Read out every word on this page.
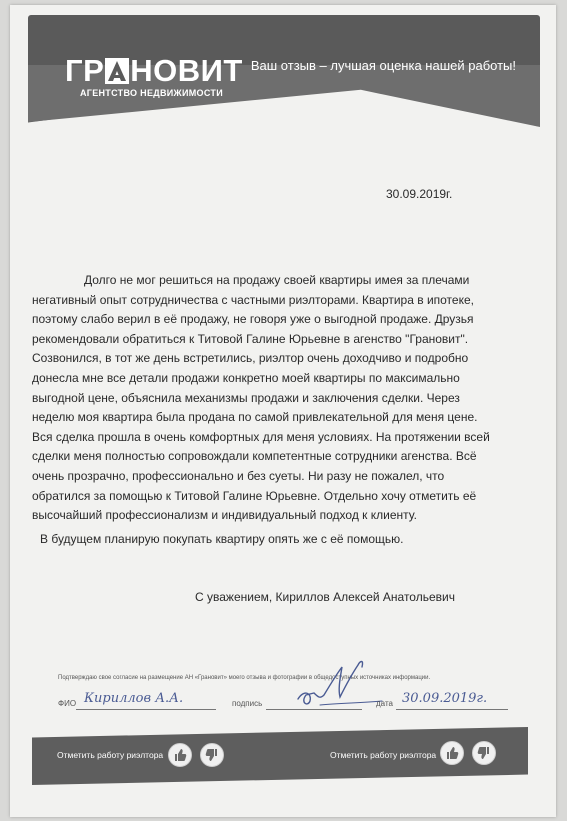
ГР НОВИТ
АГЕНТСТВО НЕДВИЖИМОСТИ
Ваш отзыв – лучшая оценка нашей работы!
30.09.2019г.
Долго не мог решиться на продажу своей квартиры имея за плечами
негативный опыт сотрудничества с частными риэлторами. Квартира в ипотеке,
поэтому слабо верил в её продажу, не говоря уже о выгодной продаже. Друзья
рекомендовали обратиться к Титовой Галине Юрьевне в агенство "Грановит".
Созвонился, в тот же день встретились, риэлтор очень доходчиво и подробно
донесла мне все детали продажи конкретно моей квартиры по максимально
выгодной цене, объяснила механизмы продажи и заключения сделки. Через
неделю моя квартира была продана по самой привлекательной для меня цене.
Вся сделка прошла в очень комфортных для меня условиях. На протяжении всей
сделки меня полностью сопровождали компетентные сотрудники агенства. Всё
очень прозрачно, профессионально и без суеты. Ни разу не пожалел, что
обратился за помощью к Титовой Галине Юрьевне. Отдельно хочу отметить её
высочайший профессионализм и индивидуальный подход к клиенту.
В будущем планирую покупать квартиру опять же с её помощью.
С уважением, Кириллов Алексей Анатольевич
Подтверждаю свое согласие на размещение АН «Грановит» моего отзыва и фотографии в общедоступных источниках информации.
ФИО Кириллов А.А.	подпись	дата 30.09.2019г.
Отметить работу риэлтора	Отметить работу риэлтора
